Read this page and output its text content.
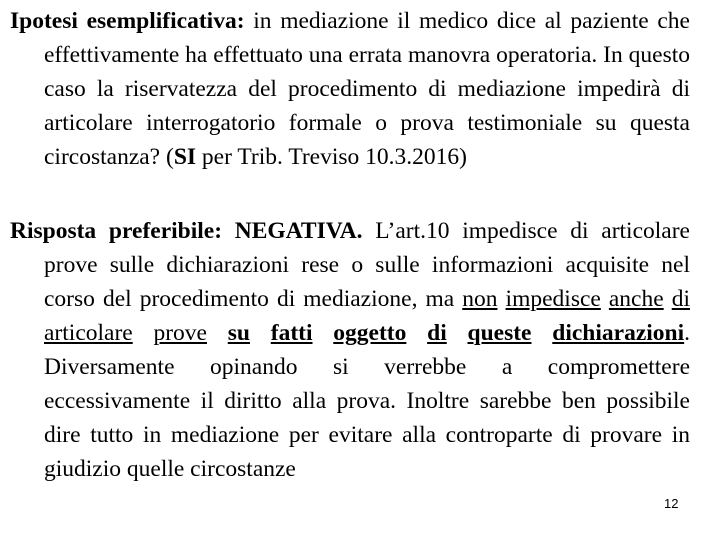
Ipotesi esemplificativa: in mediazione il medico dice al paziente che effettivamente ha effettuato una errata manovra operatoria. In questo caso la riservatezza del procedimento di mediazione impedirà di articolare interrogatorio formale o prova testimoniale su questa circostanza? (SI per Trib. Treviso 10.3.2016)
Risposta preferibile: NEGATIVA. L’art.10 impedisce di articolare prove sulle dichiarazioni rese o sulle informazioni acquisite nel corso del procedimento di mediazione, ma non impedisce anche di articolare prove su fatti oggetto di queste dichiarazioni. Diversamente opinando si verrebbe a compromettere eccessivamente il diritto alla prova. Inoltre sarebbe ben possibile dire tutto in mediazione per evitare alla controparte di provare in giudizio quelle circostanze
12
